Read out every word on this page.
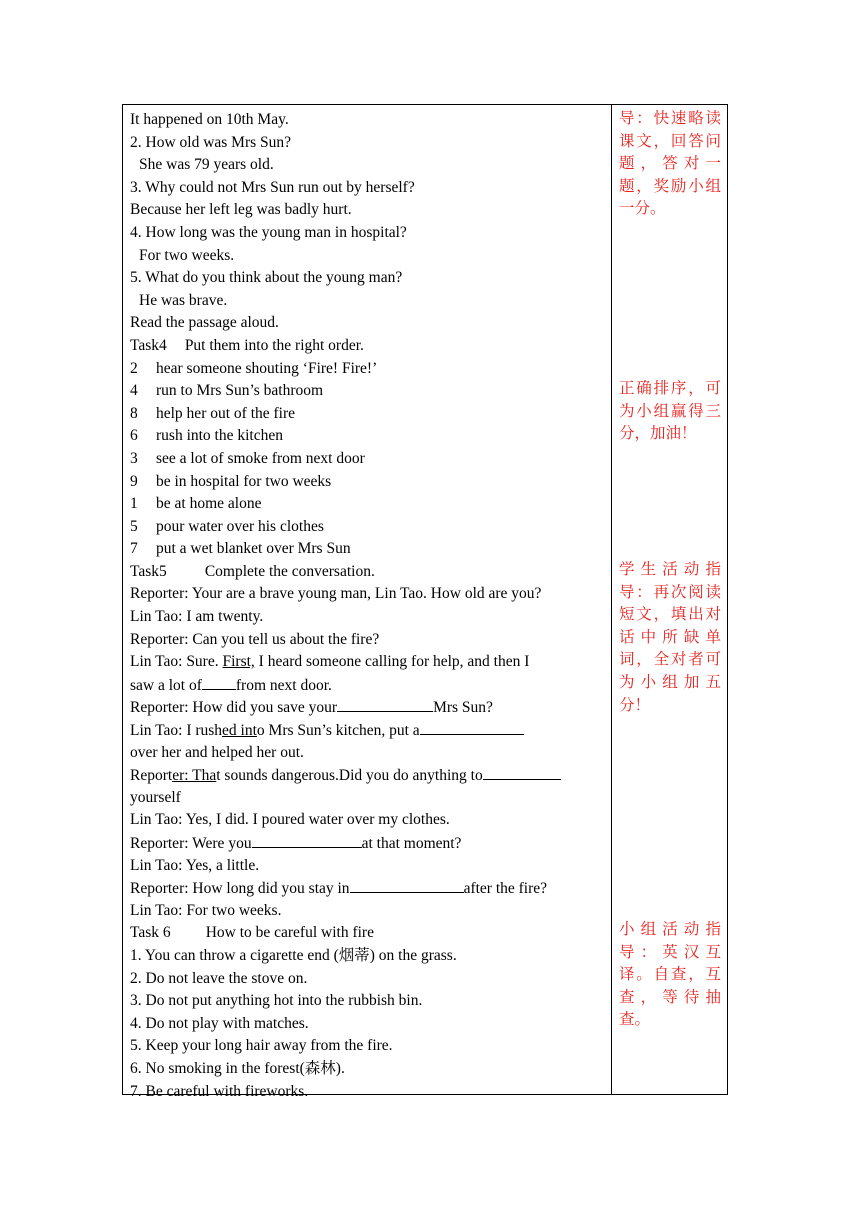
It happened on 10th May.
2. How old was Mrs Sun?
She was 79 years old.
3. Why could not Mrs Sun run out by herself?
Because her left leg was badly hurt.
4. How long was the young man in hospital?
For two weeks.
5. What do you think about the young man?
He was brave.
Read the passage aloud.
Task4 Put them into the right order.
2 hear someone shouting ‘Fire! Fire!’
4 run to Mrs Sun’s bathroom
8 help her out of the fire
6 rush into the kitchen
3 see a lot of smoke from next door
9 be in hospital for two weeks
1 be at home alone
5 pour water over his clothes
7 put a wet blanket over Mrs Sun
Task5 Complete the conversation.
Reporter: Your are a brave young man, Lin Tao. How old are you?
Lin Tao: I am twenty.
Reporter: Can you tell us about the fire?
Lin Tao: Sure. First, I heard someone calling for help, and then I
saw a lot of from next door.
Reporter: How did you save your	Mrs Sun?
Lin Tao: I rushed into Mrs Sun’s kitchen, put a
over her and helped her out.
Reporter: That sounds dangerous.Did you do anything to
yourself
Lin Tao: Yes, I did. I poured water over my clothes.
Reporter: Were you	at that moment?
Lin Tao: Yes, a little.
Reporter: How long did you stay in	after the fire?
Lin Tao: For two weeks.
Task 6 How to be careful with fire
1. You can throw a cigarette end (烟蒂) on the grass.
2. Do not leave the stove on.
3. Do not put anything hot into the rubbish bin.
4. Do not play with matches.
5. Keep your long hair away from the fire.
6. No smoking in the forest(森林).
7. Be careful with fireworks.
导：快速略读课文，回答问题，答对一题，奖励小组一分。
正确排序，可为小组赢得三分，加油！
学生活动指导：再次阅读短文，填出对话中所缺单词，全对者可为小组加五分！
小组活动指导：英汉互译。自查，互查，等待抽查。
